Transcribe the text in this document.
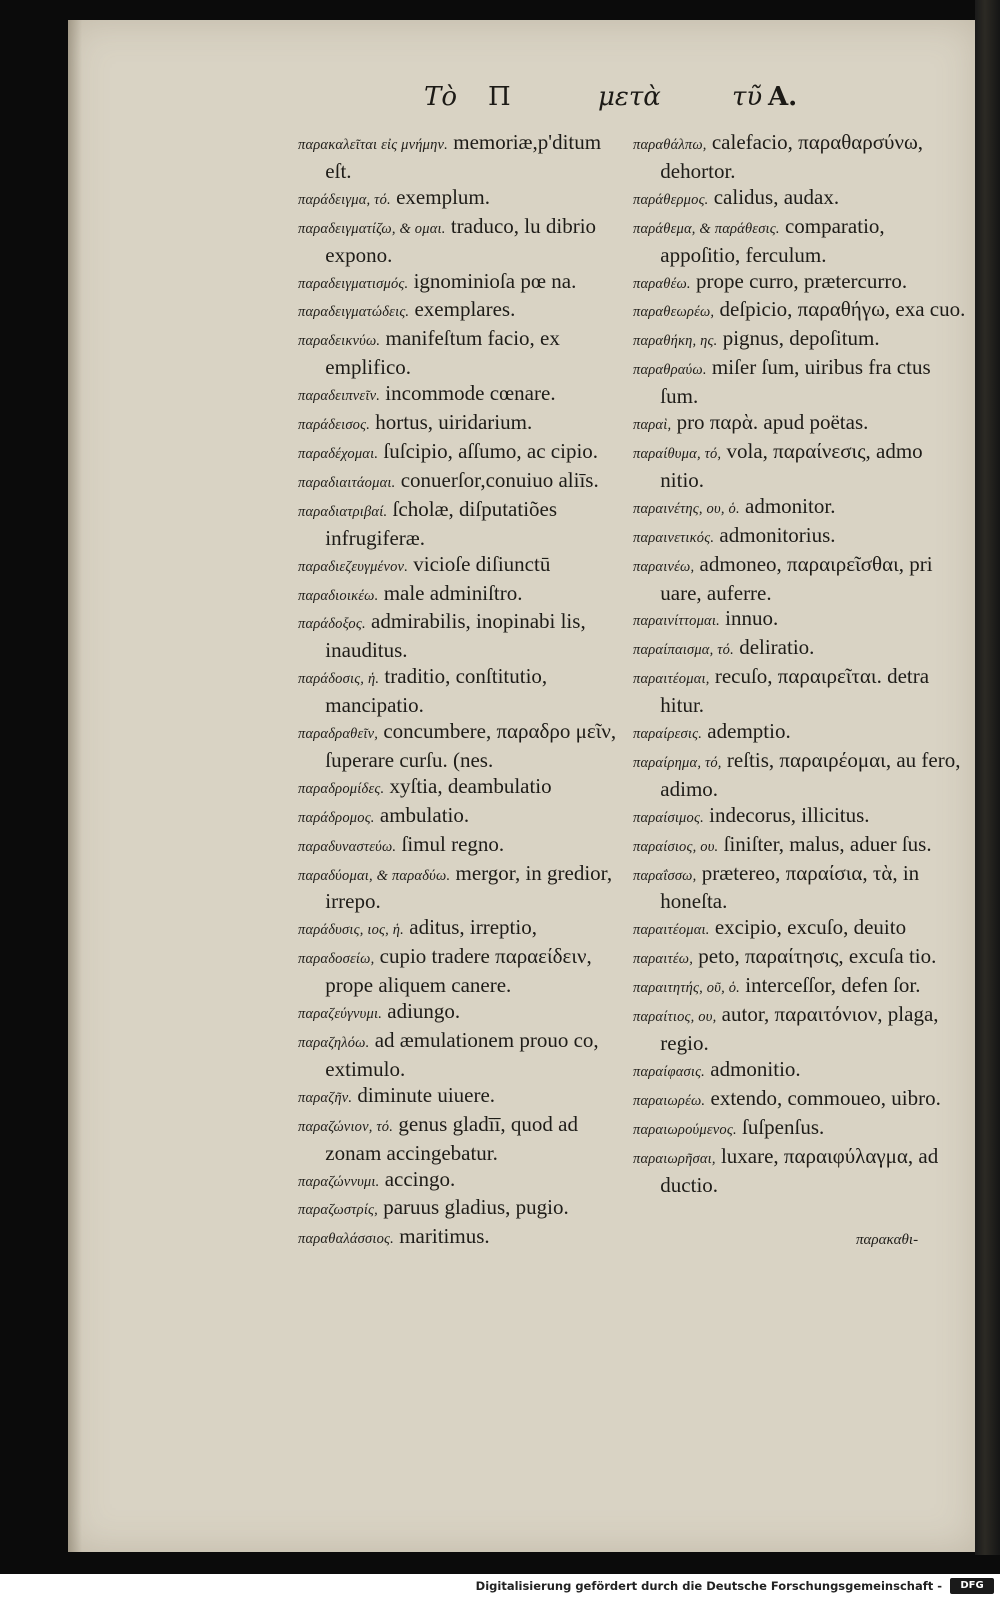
Τὸ Π	μετὰ	τῦ Α.

παρακαλεῖται εἰς μνήμην. memoriæ,p'ditum eſt.

παράδειγμα, τό. exemplum.

παραδειγματίζω, & ομαι. traduco, lu dibrio expono.

παραδειγματισμός. ignominioſa pœ na.

παραδειγματώδεις. exemplares.

παραδεικνύω. manifeſtum facio, ex emplifico.

παραδειπνεῖν. incommode cœnare.

παράδεισος. hortus, uiridarium.

παραδέχομαι. ſuſcipio, aſſumo, ac cipio.

παραδιαιτάομαι. conuerſor,conuiuo aliīs.

παραδιατριβαί. ſcholæ, diſputatiões infrugiferæ.

παραδιεζευγμένον. vicioſe diſiunctū

παραδιοικέω. male adminiſtro.

παράδοξος. admirabilis, inopinabi lis, inauditus.

παράδοσις, ἡ. traditio, conſtitutio, mancipatio.

παραδραθεῖν, concumbere, παραδρο μεῖν, ſuperare curſu. (nes.

παραδρομίδες. xyſtia, deambulatio

παράδρομος. ambulatio.

παραδυναστεύω. ſimul regno.

παραδύομαι, & παραδύω. mergor, in gredior, irrepo.

παράδυσις, ιος, ἡ. aditus, irreptio,

παραδοσείω, cupio tradere παραείδειν, prope aliquem canere.

παραζεύγνυμι. adiungo.

παραζηλόω. ad æmulationem prouo co, extimulo.

παραζῆν. diminute uiuere.

παραζώνιον, τό. genus gladīī, quod ad zonam accingebatur.

παραζώννυμι. accingo.

παραζωστρίς, paruus gladius, pugio.

παραθαλάσσιος. maritimus.

παραθάλπω, calefacio, παραθαρσύνω, dehortor.

παράθερμος. calidus, audax.

παράθεμα, & παράθεσις. comparatio, appoſitio, ferculum.

παραθέω. prope curro, prætercurro.

παραθεωρέω, deſpicio, παραθήγω, exa cuo.

παραθήκη, ης. pignus, depoſitum.

παραθραύω. miſer ſum, uiribus fra ctus ſum.

παραὶ, pro παρὰ. apud poëtas.

παραίθυμα, τό, vola, παραίνεσις, admo nitio.

παραινέτης, ου, ὁ. admonitor.

παραινετικός. admonitorius.

παραινέω, admoneo, παραιρεῖσθαι, pri uare, auferre.

παραινίττομαι. innuo.

παραίπαισμα, τό. deliratio.

παραιτέομαι, recuſo, παραιρεῖται. detra hitur.

παραίρεσις. ademptio.

παραίρημα, τό, reſtis, παραιρέομαι, au fero, adimo.

παραίσιμος. indecorus, illicitus.

παραίσιος, ου. ſiniſter, malus, aduer ſus.

παραΐσσω, prætereo, παραίσια, τὰ, in honeſta.

παραιτέομαι. excipio, excuſo, deuito

παραιτέω, peto, παραίτησις, excuſa tio.

παραιτητής, οῦ, ὁ. interceſſor, defen ſor.

παραίτιος, ου, autor, παραιτόνιον, plaga, regio.

παραίφασις. admonitio.

παραιωρέω. extendo, commoueo, uibro.

παραιωρούμενος. ſuſpenſus.

παραιωρῆσαι, luxare, παραιφύλαγμα, ad ductio.

παρακαθι-
Digitalisierung gefördert durch die Deutsche Forschungsgemeinschaft -	DFG
